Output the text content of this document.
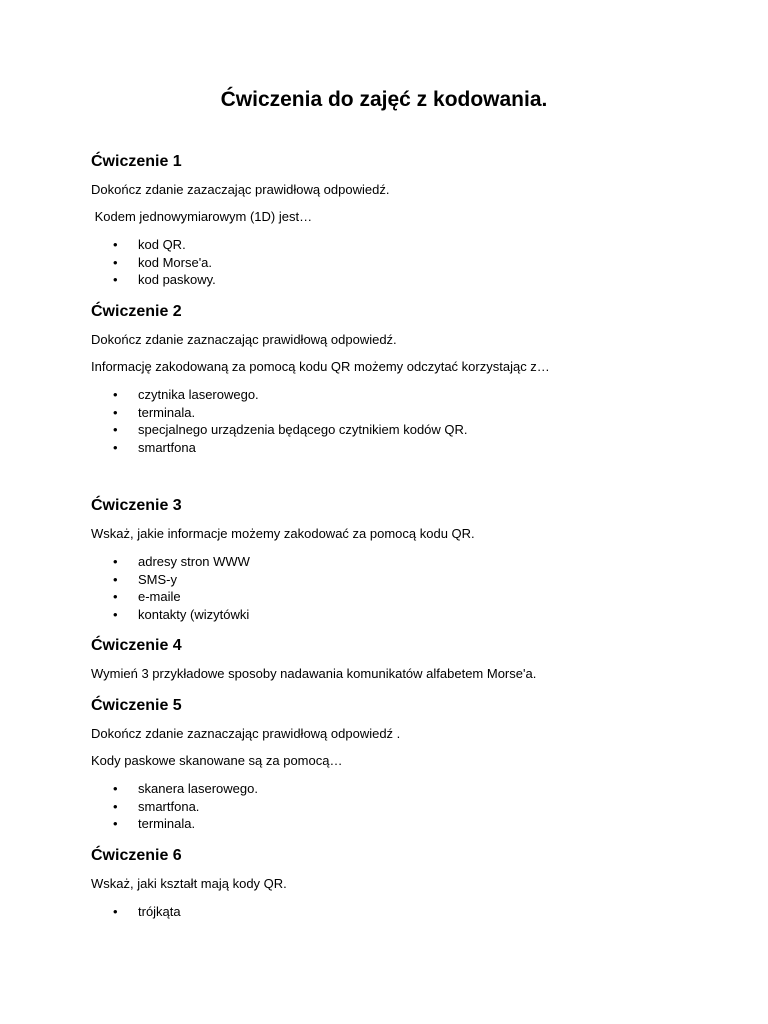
Ćwiczenia do zajęć z kodowania.
Ćwiczenie 1

Dokończ zdanie zazaczając prawidłową odpowiedź.

Kodem jednowymiarowym (1D) jest…

• kod QR.
• kod Morse'a.
• kod paskowy.
Ćwiczenie 2

Dokończ zdanie zaznaczając prawidłową odpowiedź.

Informację zakodowaną za pomocą kodu QR możemy odczytać korzystając z…

• czytnika laserowego.
• terminala.
• specjalnego urządzenia będącego czytnikiem kodów QR.
• smartfona
Ćwiczenie 3

Wskaż, jakie informacje możemy zakodować za pomocą kodu QR.

• adresy stron WWW
• SMS-y
• e-maile
• kontakty (wizytówki
Ćwiczenie 4

Wymień 3 przykładowe sposoby nadawania komunikatów alfabetem Morse'a.

Ćwiczenie 5

Dokończ zdanie zaznaczając prawidłową odpowiedź .

Kody paskowe skanowane są za pomocą…

• skanera laserowego.
• smartfona.
• terminala.
Ćwiczenie 6

Wskaż, jaki kształt mają kody QR.

• trójkąta
